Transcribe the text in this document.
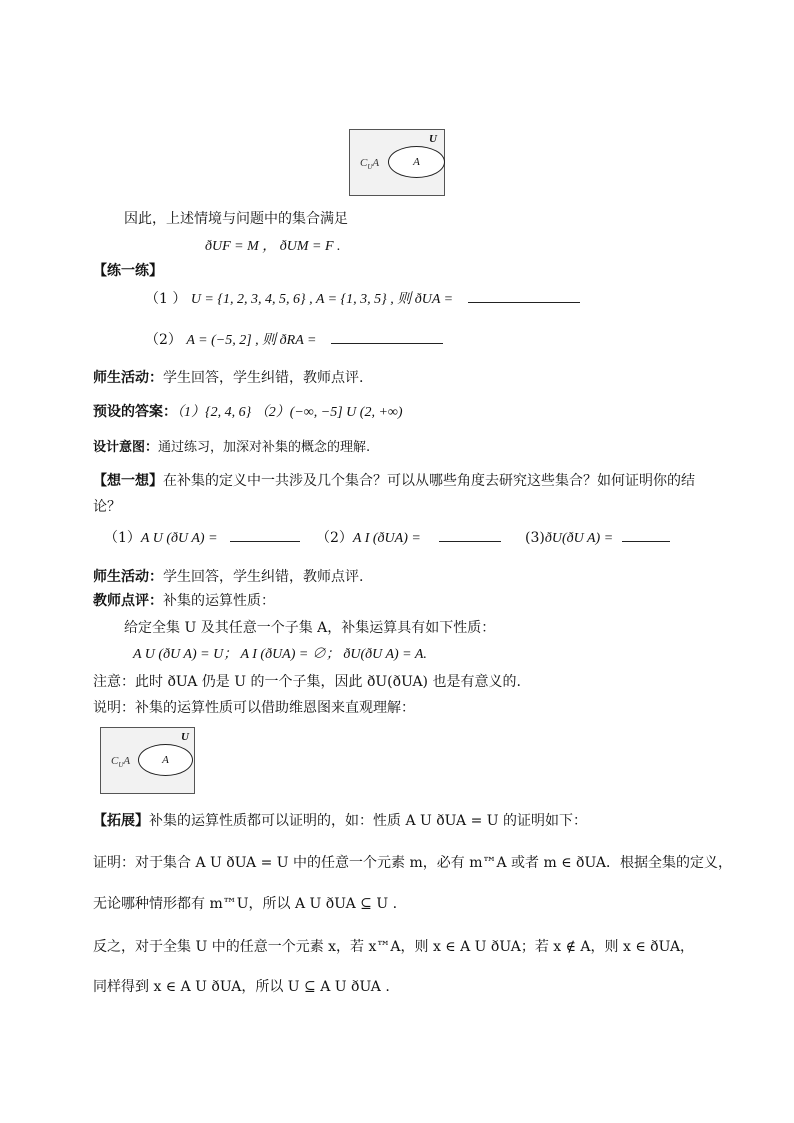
U
$C_UA$	A
因此，上述情境与问题中的集合满足
ðUF = M ， ðUM = F .
【练一练】
（1 ） U = {1, 2, 3, 4, 5, 6} , A = {1, 3, 5} , 则 ðUA =
（2） A = (−5, 2] , 则 ðRA =
师生活动：学生回答，学生纠错，教师点评.
预设的答案：（1）{2, 4, 6} （2）(−∞, −5] U (2, +∞)
设计意图：通过练习，加深对补集的概念的理解.
【想一想】在补集的定义中一共涉及几个集合？可以从哪些角度去研究这些集合？如何证明你的结
论？
（1）A U (ðU A) =	（2）A I (ðUA) =	(3)ðU(ðU A) =
师生活动：学生回答，学生纠错，教师点评.
教师点评：补集的运算性质：
给定全集 U 及其任意一个子集 A，补集运算具有如下性质：
A U (ðU A) = U； A I (ðUA) = ∅； ðU(ðU A) = A.
注意：此时 ðUA 仍是 U 的一个子集，因此 ðU(ðUA) 也是有意义的.
说明：补集的运算性质可以借助维恩图来直观理解：
U
$C_UA$	A
【拓展】补集的运算性质都可以证明的，如：性质 A U ðUA = U 的证明如下：
证明：对于集合 A U ðUA = U 中的任意一个元素 m，必有 m™A 或者 m ∈ ðUA．根据全集的定义，
无论哪种情形都有 m™U，所以 A U ðUA ⊆ U .
反之，对于全集 U 中的任意一个元素 x，若 x™A，则 x ∈ A U ðUA；若 x ∉ A，则 x ∈ ðUA，
同样得到 x ∈ A U ðUA，所以 U ⊆ A U ðUA .
